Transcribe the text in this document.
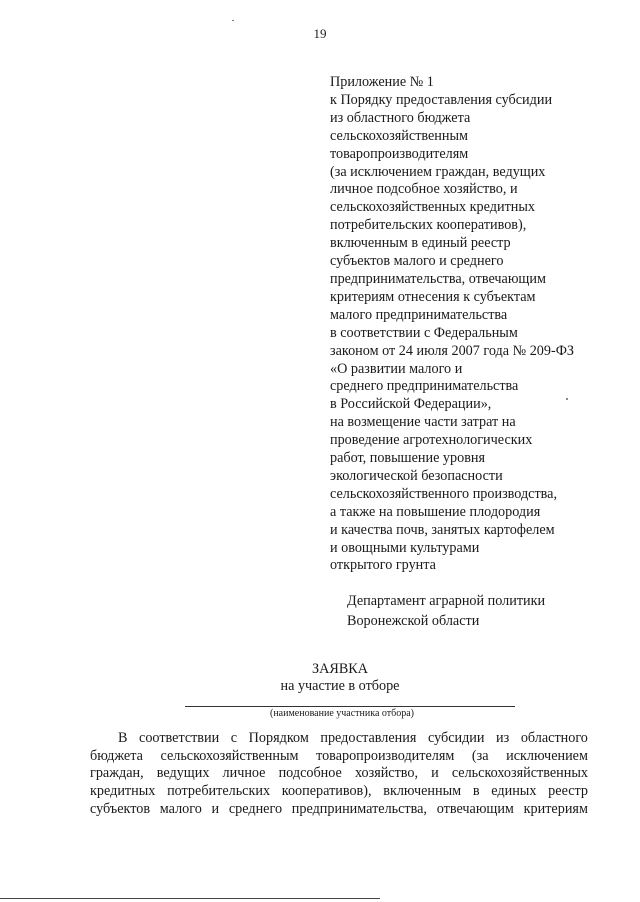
19
Приложение № 1
к Порядку предоставления субсидии
из областного бюджета
сельскохозяйственным
товаропроизводителям
(за исключением граждан, ведущих
личное подсобное хозяйство, и
сельскохозяйственных кредитных
потребительских кооперативов),
включенным в единый реестр
субъектов малого и среднего
предпринимательства, отвечающим
критериям отнесения к субъектам
малого предпринимательства
в соответствии с Федеральным
законом от 24 июля 2007 года № 209-ФЗ
«О развитии малого и
среднего предпринимательства
в Российской Федерации»,
на возмещение части затрат на
проведение агротехнологических
работ, повышение уровня
экологической безопасности
сельскохозяйственного производства,
а также на повышение плодородия
и качества почв, занятых картофелем
и овощными культурами
открытого грунта
Департамент аграрной политики
Воронежской области
ЗАЯВКА
на участие в отборе
(наименование участника отбора)
В соответствии с Порядком предоставления субсидии из областного
бюджета сельскохозяйственным товаропроизводителям (за исключением
граждан, ведущих личное подсобное хозяйство, и сельскохозяйственных
кредитных потребительских кооперативов), включенным в единых реестр
субъектов малого и среднего предпринимательства, отвечающим критериям
